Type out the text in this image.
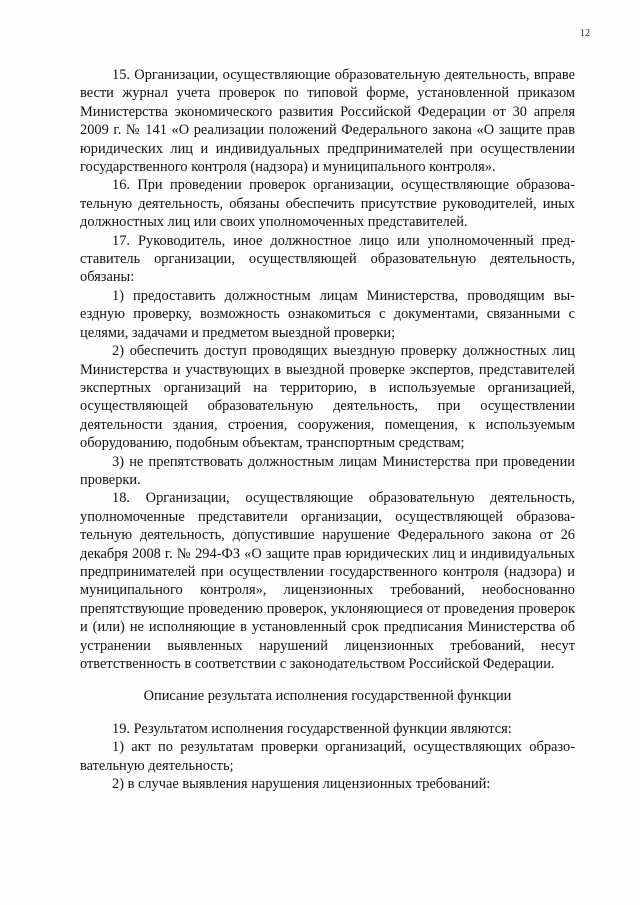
12

15. Организации, осуществляющие образовательную деятельность, вправе вести журнал учета проверок по типовой форме, установленной приказом Министерства экономического развития Российской Федерации от 30 апреля 2009 г. № 141 «О реализации положений Федерального закона «О защите прав юридических лиц и индивидуальных предпринимателей при осуществлении государственного контроля (надзора) и муниципального контроля».

16. При проведении проверок организации, осуществляющие образовательную деятельность, обязаны обеспечить присутствие руководителей, иных должностных лиц или своих уполномоченных представителей.

17. Руководитель, иное должностное лицо или уполномоченный представитель организации, осуществляющей образовательную деятельность, обязаны:

1) предоставить должностным лицам Министерства, проводящим выездную проверку, возможность ознакомиться с документами, связанными с целями, задачами и предметом выездной проверки;

2) обеспечить доступ проводящих выездную проверку должностных лиц Министерства и участвующих в выездной проверке экспертов, представителей экспертных организаций на территорию, в используемые организацией, осуществляющей образовательную деятельность, при осуществлении деятельности здания, строения, сооружения, помещения, к используемым оборудованию, подобным объектам, транспортным средствам;

3) не препятствовать должностным лицам Министерства при проведении проверки.

18. Организации, осуществляющие образовательную деятельность, уполномоченные представители организации, осуществляющей образовательную деятельность, допустившие нарушение Федерального закона от 26 декабря 2008 г. № 294-ФЗ «О защите прав юридических лиц и индивидуальных предпринимателей при осуществлении государственного контроля (надзора) и муниципального контроля», лицензионных требований, необоснованно препятствующие проведению проверок, уклоняющиеся от проведения проверок и (или) не исполняющие в установленный срок предписания Министерства об устранении выявленных нарушений лицензионных требований, несут ответственность в соответствии с законодательством Российской Федерации.

Описание результата исполнения государственной функции

19. Результатом исполнения государственной функции являются:

1) акт по результатам проверки организаций, осуществляющих образовательную деятельность;

2) в случае выявления нарушения лицензионных требований:
